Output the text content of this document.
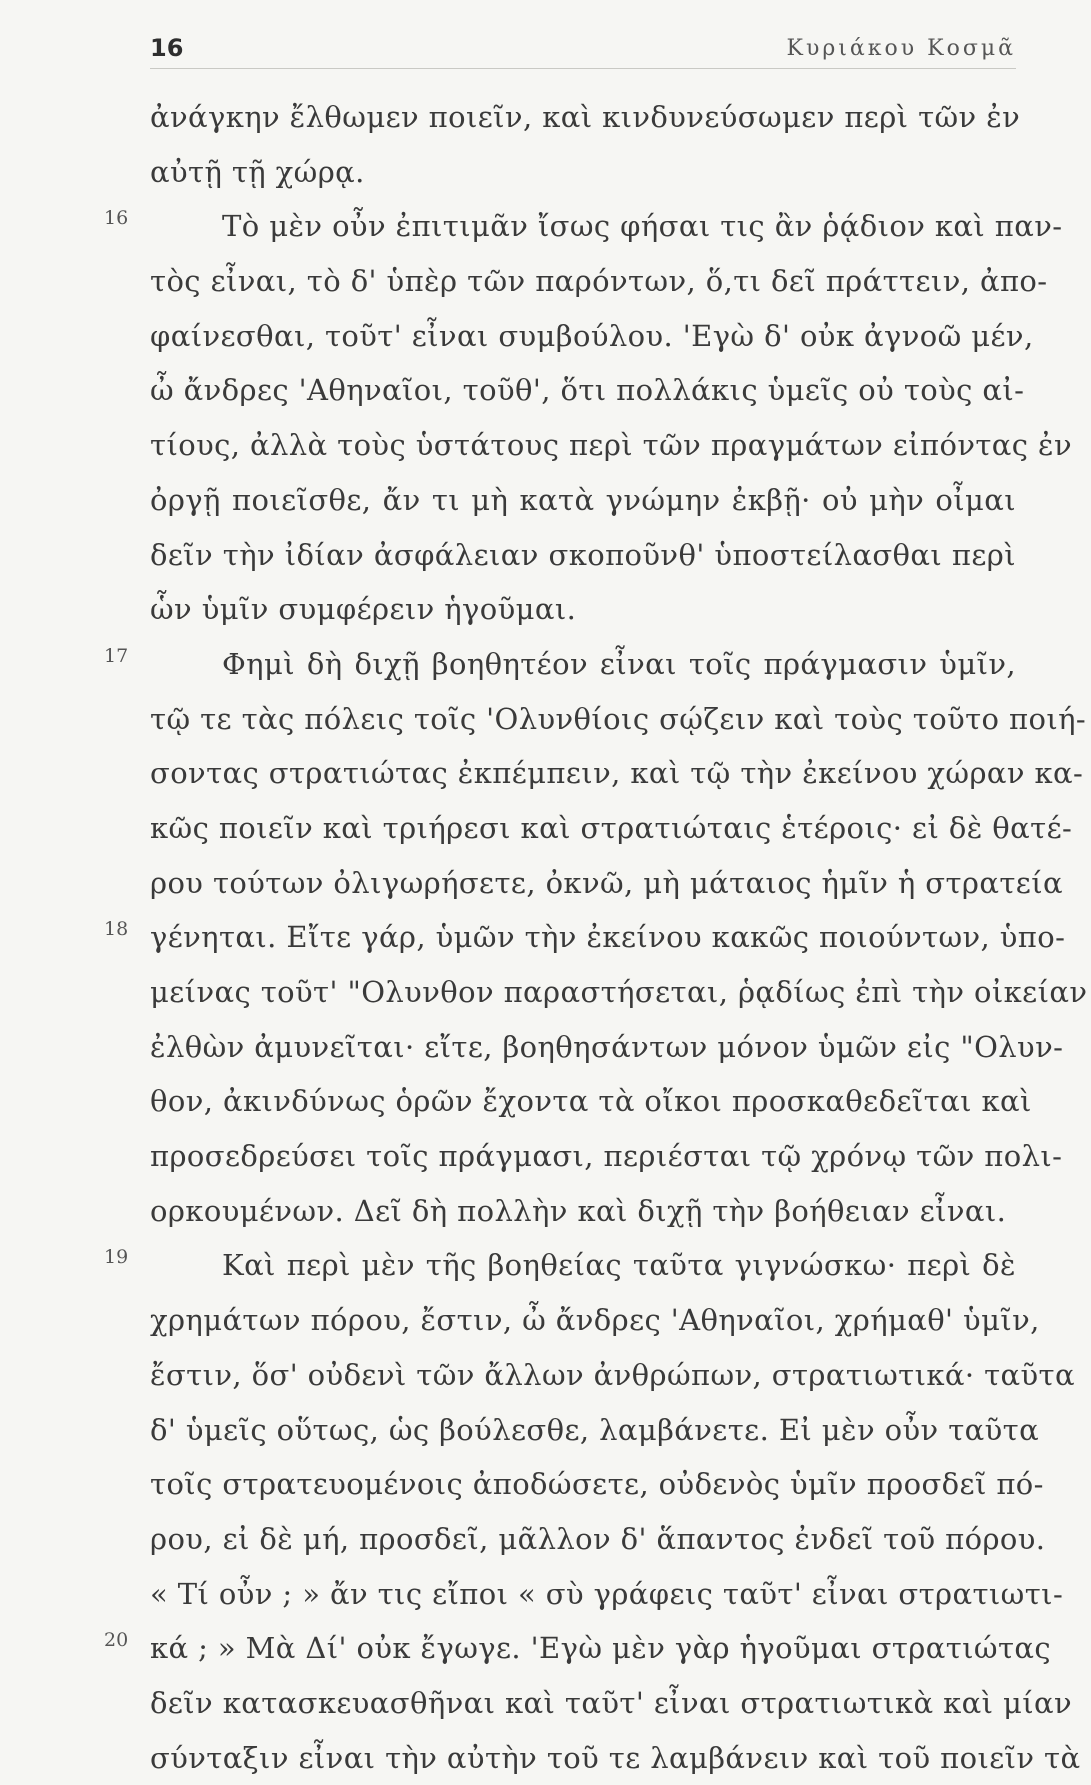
16	Κυριάκου Κοσμᾶ
ἀνάγκην ἔλθωμεν ποιεῖν, καὶ κινδυνεύσωμεν περὶ τῶν ἐν
αὐτῇ τῇ χώρᾳ.
16	Τὸ μὲν οὖν ἐπιτιμᾶν ἴσως φήσαι τις ἂν ῥᾴδιον καὶ παν-
τὸς εἶναι, τὸ δ' ὑπὲρ τῶν παρόντων, ὅ,τι δεῖ πράττειν, ἀπο-
φαίνεσθαι, τοῦτ' εἶναι συμβούλου. 'Εγὼ δ' οὐκ ἀγνοῶ μέν,
ὦ ἄνδρες 'Αθηναῖοι, τοῦθ', ὅτι πολλάκις ὑμεῖς οὐ τοὺς αἰ-
τίους, ἀλλὰ τοὺς ὑστάτους περὶ τῶν πραγμάτων εἰπόντας ἐν
ὀργῇ ποιεῖσθε, ἄν τι μὴ κατὰ γνώμην ἐκβῇ· οὐ μὴν οἶμαι
δεῖν τὴν ἰδίαν ἀσφάλειαν σκοποῦνθ' ὑποστείλασθαι περὶ
ὧν ὑμῖν συμφέρειν ἡγοῦμαι.
17	Φημὶ δὴ διχῇ βοηθητέον εἶναι τοῖς πράγμασιν ὑμῖν,
τῷ τε τὰς πόλεις τοῖς 'Ολυνθίοις σῴζειν καὶ τοὺς τοῦτο ποιή-
σοντας στρατιώτας ἐκπέμπειν, καὶ τῷ τὴν ἐκείνου χώραν κα-
κῶς ποιεῖν καὶ τριήρεσι καὶ στρατιώταις ἑτέροις· εἰ δὲ θατέ-
ρου τούτων ὀλιγωρήσετε, ὀκνῶ, μὴ μάταιος ἡμῖν ἡ στρατεία
18 γένηται. Εἴτε γάρ, ὑμῶν τὴν ἐκείνου κακῶς ποιούντων, ὑπο-
μείνας τοῦτ' "Ολυνθον παραστήσεται, ῥᾳδίως ἐπὶ τὴν οἰκείαν
ἐλθὼν ἀμυνεῖται· εἴτε, βοηθησάντων μόνον ὑμῶν εἰς "Ολυν-
θον, ἀκινδύνως ὁρῶν ἔχοντα τὰ οἴκοι προσκαθεδεῖται καὶ
προσεδρεύσει τοῖς πράγμασι, περιέσται τῷ χρόνῳ τῶν πολι-
ορκουμένων. Δεῖ δὴ πολλὴν καὶ διχῇ τὴν βοήθειαν εἶναι.
19	Καὶ περὶ μὲν τῆς βοηθείας ταῦτα γιγνώσκω· περὶ δὲ
χρημάτων πόρου, ἔστιν, ὦ ἄνδρες 'Αθηναῖοι, χρήμαθ' ὑμῖν,
ἔστιν, ὅσ' οὐδενὶ τῶν ἄλλων ἀνθρώπων, στρατιωτικά· ταῦτα
δ' ὑμεῖς οὕτως, ὡς βούλεσθε, λαμβάνετε. Εἰ μὲν οὖν ταῦτα
τοῖς στρατευομένοις ἀποδώσετε, οὐδενὸς ὑμῖν προσδεῖ πό-
ρου, εἰ δὲ μή, προσδεῖ, μᾶλλον δ' ἅπαντος ἐνδεῖ τοῦ πόρου.
« Τί οὖν ; » ἄν τις εἴποι « σὺ γράφεις ταῦτ' εἶναι στρατιωτι-
20 κά ; » Μὰ Δί' οὐκ ἔγωγε. 'Εγὼ μὲν γὰρ ἡγοῦμαι στρατιώτας
δεῖν κατασκευασθῆναι καὶ ταῦτ' εἶναι στρατιωτικὰ καὶ μίαν
σύνταξιν εἶναι τὴν αὐτὴν τοῦ τε λαμβάνειν καὶ τοῦ ποιεῖν τὰ
